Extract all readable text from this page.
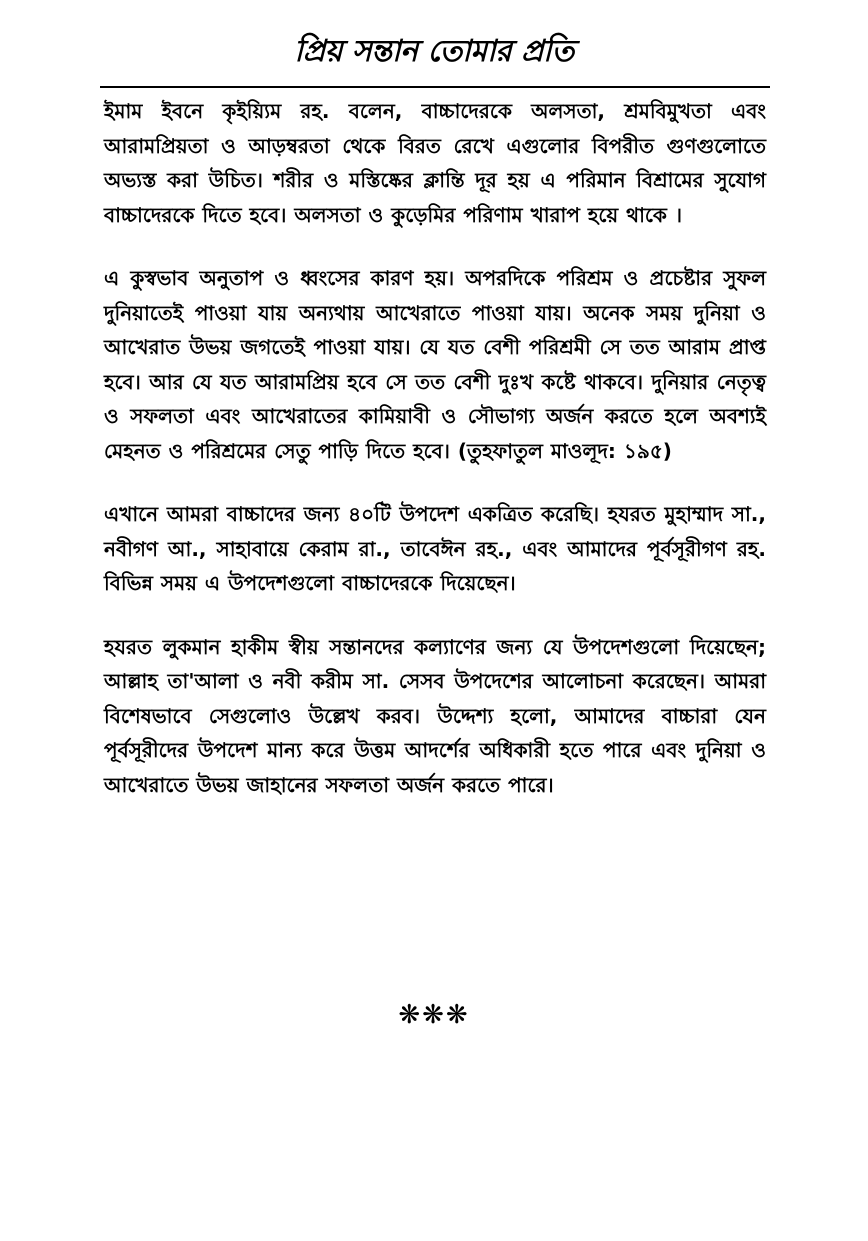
প্রিয় সন্তান তোমার প্রতি

ইমাম ইবনে কৃইয়্যিম রহ. বলেন, বাচ্চাদেরকে অলসতা, শ্রমবিমুখতা এবং আরামপ্রিয়তা ও আড়ম্বরতা থেকে বিরত রেখে এগুলোর বিপরীত গুণগুলোতে অভ্যস্ত করা উচিত। শরীর ও মস্তিষ্কের ক্লান্তি দূর হয় এ পরিমান বিশ্রামের সুযোগ বাচ্চাদেরকে দিতে হবে। অলসতা ও কুড়েমির পরিণাম খারাপ হয়ে থাকে ।

এ কুস্বভাব অনুতাপ ও ধ্বংসের কারণ হয়। অপরদিকে পরিশ্রম ও প্রচেষ্টার সুফল দুনিয়াতেই পাওয়া যায় অন্যথায় আখেরাতে পাওয়া যায়। অনেক সময় দুনিয়া ও আখেরাত উভয় জগতেই পাওয়া যায়। যে যত বেশী পরিশ্রমী সে তত আরাম প্রাপ্ত হবে। আর যে যত আরামপ্রিয় হবে সে তত বেশী দুঃখ কষ্টে থাকবে। দুনিয়ার নেতৃত্ব ও সফলতা এবং আখেরাতের কামিয়াবী ও সৌভাগ্য অর্জন করতে হলে অবশ্যই মেহনত ও পরিশ্রমের সেতু পাড়ি দিতে হবে। (তুহফাতুল মাওলূদ: ১৯৫)

এখানে আমরা বাচ্চাদের জন্য ৪০টি উপদেশ একত্রিত করেছি। হযরত মুহাম্মাদ সা., নবীগণ আ., সাহাবায়ে কেরাম রা., তাবেঈন রহ., এবং আমাদের পূর্বসূরীগণ রহ. বিভিন্ন সময় এ উপদেশগুলো বাচ্চাদেরকে দিয়েছেন।

হযরত লুকমান হাকীম স্বীয় সন্তানদের কল্যাণের জন্য যে উপদেশগুলো দিয়েছেন; আল্লাহ তা'আলা ও নবী করীম সা. সেসব উপদেশের আলোচনা করেছেন। আমরা বিশেষভাবে সেগুলোও উল্লেখ করব। উদ্দেশ্য হলো, আমাদের বাচ্চারা যেন পূর্বসূরীদের উপদেশ মান্য করে উত্তম আদর্শের অধিকারী হতে পারে এবং দুনিয়া ও আখেরাতে উভয় জাহানের সফলতা অর্জন করতে পারে।

❋❋❋
